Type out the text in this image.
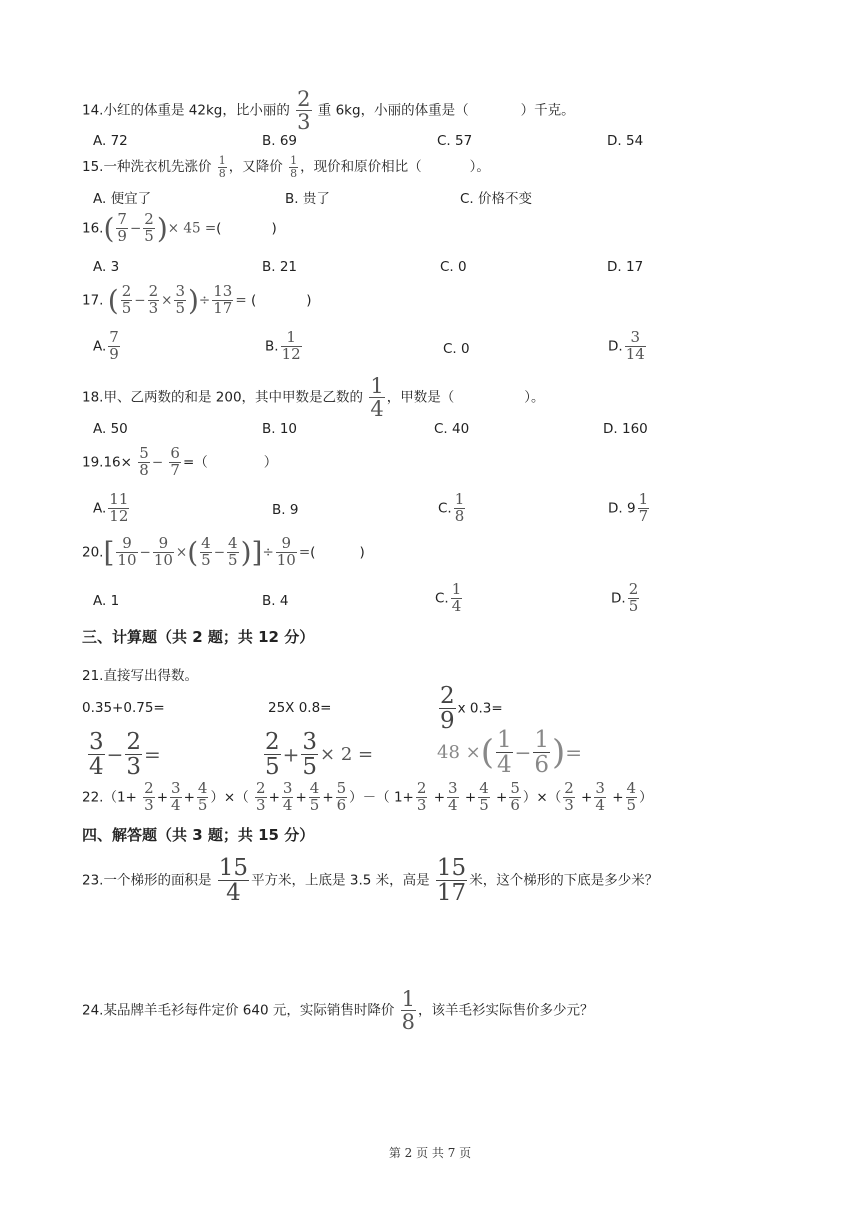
14.小红的体重是 42kg，比小丽的 $\frac{2}{3}$ 重 6kg，小丽的体重是（	）千克。
A. 72	B. 69	C. 57	D. 54
15.一种洗衣机先涨价 $\frac{1}{8}$ ，又降价 $\frac{1}{8}$ ，现价和原价相比（	）。
A. 便宜了	B. 贵了	C. 价格不变
$16.( \frac{7}{9} - \frac{2}{5}$ )× 45 =(	)
A. 3	B. 21	C. 0	D. 17
17. ( $\frac{2}{5} - \frac{2}{3} \times \frac{3}{5}$ )÷ $\frac{13}{17}$ = (	)
A. $\frac{7}{9}$	B. $\frac{1}{12}$	C. 0	D. $\frac{3}{14}$
18.甲、乙两数的和是 200，其中甲数是乙数的 $\frac{1}{4}$ ，甲数是（	）。
A. 50	B. 10	C. 40	D. 160
$19.16\times \frac{5}{8} - \frac{6}{7}$ =（	）
A. $\frac{11}{12}$	B. 9	C. $\frac{1}{8}$	D. $9 \frac{1}{7}$
$20.[ \frac{9}{10} - \frac{9}{10}$ ×( $\frac{4}{5} - \frac{4}{5}$ )]÷ $\frac{9}{10}$ =(	)
A. 1	B. 4	C. $\frac{1}{4}$	D. $\frac{2}{5}$
三、计算题（共 2 题；共 12 分）
21.直接写出得数。
0.35+0.75=	25X 0.8=	$\frac{2}{9}$ x 0.3=
$\frac{3}{4} - \frac{2}{3}$ =	$\frac{2}{5} + \frac{3}{5} \times 2$ =	48 ×( $\frac{1}{4} - \frac{1}{6}$ )=
$22.(1+ \frac{2}{3} + \frac{3}{4} + \frac{4}{5}$ ）×（ $\frac{2}{3} + \frac{3}{4} + \frac{4}{5} + \frac{5}{6}$ ）－（ $1+ \frac{2}{3} + \frac{3}{4} + \frac{4}{5} + \frac{5}{6}$ ）×（ $\frac{2}{3} + \frac{3}{4} + \frac{4}{5}$ ）
四、解答题（共 3 题；共 15 分）
23.一个梯形的面积是 $\frac{15}{4}$ 平方米，上底是 3.5 米，高是 $\frac{15}{17}$ 米，这个梯形的下底是多少米？
24.某品牌羊毛衫每件定价 640 元，实际销售时降价 $\frac{1}{8}$ ，该羊毛衫实际售价多少元？
第 2 页 共 7 页
